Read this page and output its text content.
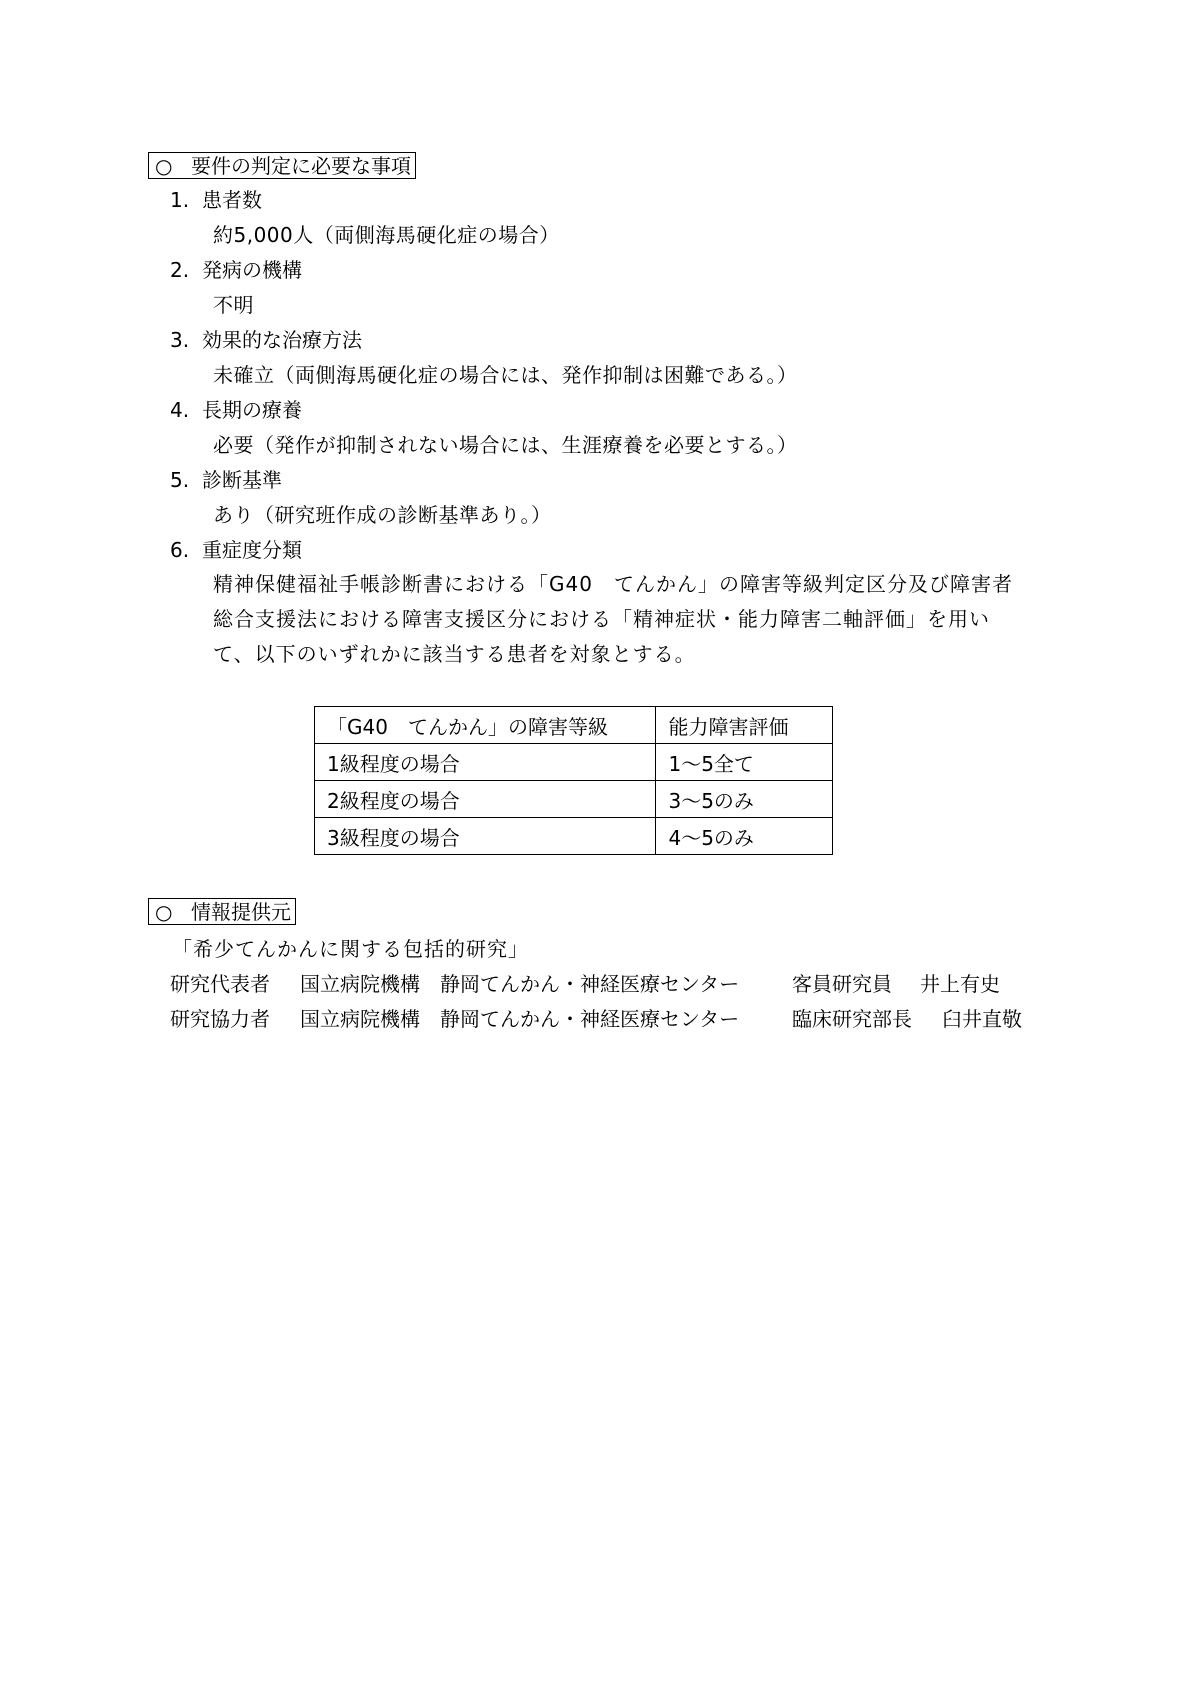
○ 要件の判定に必要な事項
1. 患者数
約5,000人（両側海馬硬化症の場合）
2. 発病の機構
不明
3. 効果的な治療方法
未確立（両側海馬硬化症の場合には、発作抑制は困難である。）
4. 長期の療養
必要（発作が抑制されない場合には、生涯療養を必要とする。）
5. 診断基準
あり（研究班作成の診断基準あり。）
6. 重症度分類
精神保健福祉手帳診断書における「G40　てんかん」の障害等級判定区分及び障害者
総合支援法における障害支援区分における「精神症状・能力障害二軸評価」を用い
て、以下のいずれかに該当する患者を対象とする。
「G40　てんかん」の障害等級	能力障害評価
1級程度の場合	1〜5全て
2級程度の場合	3〜5のみ
3級程度の場合	4〜5のみ
○ 情報提供元
「希少てんかんに関する包括的研究」
研究代表者 国立病院機構　静岡てんかん・神経医療センター	客員研究員 井上有史
研究協力者 国立病院機構　静岡てんかん・神経医療センター	臨床研究部長 臼井直敬
